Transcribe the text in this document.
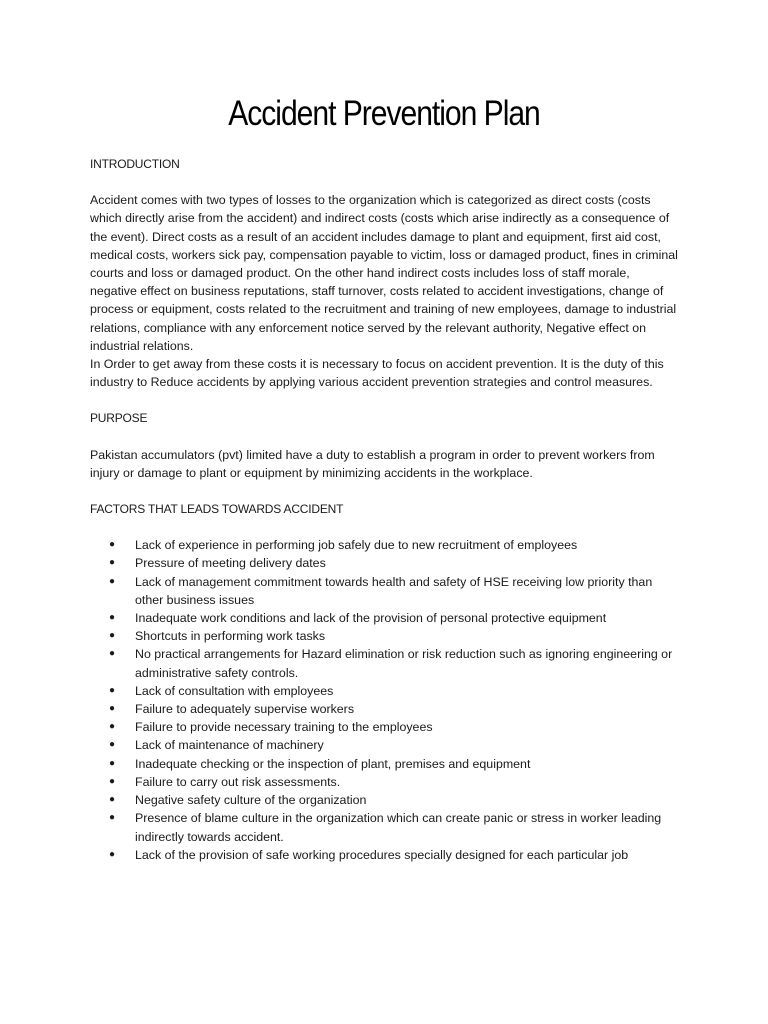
Accident Prevention Plan

INTRODUCTION

Accident comes with two types of losses to the organization which is categorized as direct costs (costs which directly arise from the accident) and indirect costs (costs which arise indirectly as a consequence of the event). Direct costs as a result of an accident includes damage to plant and equipment, first aid cost, medical costs, workers sick pay, compensation payable to victim, loss or damaged product, fines in criminal courts and loss or damaged product. On the other hand indirect costs includes loss of staff morale, negative effect on business reputations, staff turnover, costs related to accident investigations, change of process or equipment, costs related to the recruitment and training of new employees, damage to industrial relations, compliance with any enforcement notice served by the relevant authority, Negative effect on industrial relations.

In Order to get away from these costs it is necessary to focus on accident prevention. It is the duty of this industry to Reduce accidents by applying various accident prevention strategies and control measures.

PURPOSE

Pakistan accumulators (pvt) limited have a duty to establish a program in order to prevent workers from injury or damage to plant or equipment by minimizing accidents in the workplace.

FACTORS THAT LEADS TOWARDS ACCIDENT

● Lack of experience in performing job safely due to new recruitment of employees
● Pressure of meeting delivery dates
● Lack of management commitment towards health and safety of HSE receiving low priority than other business issues
● Inadequate work conditions and lack of the provision of personal protective equipment
● Shortcuts in performing work tasks
● No practical arrangements for Hazard elimination or risk reduction such as ignoring engineering or administrative safety controls.
● Lack of consultation with employees
● Failure to adequately supervise workers
● Failure to provide necessary training to the employees
● Lack of maintenance of machinery
● Inadequate checking or the inspection of plant, premises and equipment
● Failure to carry out risk assessments.
● Negative safety culture of the organization
● Presence of blame culture in the organization which can create panic or stress in worker leading indirectly towards accident.
● Lack of the provision of safe working procedures specially designed for each particular job
